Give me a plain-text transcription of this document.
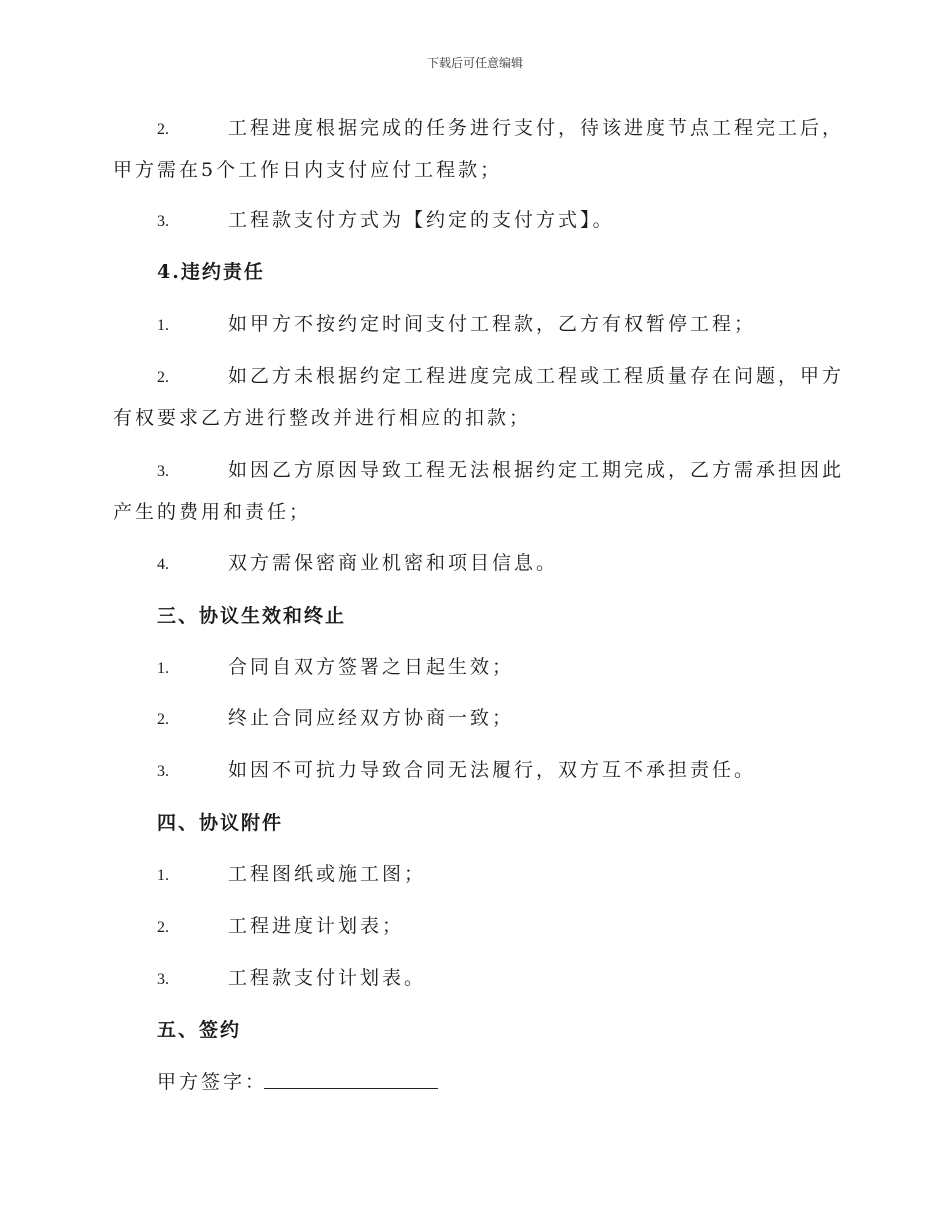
下载后可任意编辑
2.	工程进度根据完成的任务进行支付，待该进度节点工程完工后，
甲方需在5个工作日内支付应付工程款；
3.	工程款支付方式为【约定的支付方式】。
4.违约责任
1.	如甲方不按约定时间支付工程款，乙方有权暂停工程；
2.	如乙方未根据约定工程进度完成工程或工程质量存在问题，甲方
有权要求乙方进行整改并进行相应的扣款；
3.	如因乙方原因导致工程无法根据约定工期完成，乙方需承担因此
产生的费用和责任；
4.	双方需保密商业机密和项目信息。
三、协议生效和终止
1.	合同自双方签署之日起生效；
2.	终止合同应经双方协商一致；
3.	如因不可抗力导致合同无法履行，双方互不承担责任。
四、协议附件
1.	工程图纸或施工图；
2.	工程进度计划表；
3.	工程款支付计划表。
五、签约
甲方签字：
